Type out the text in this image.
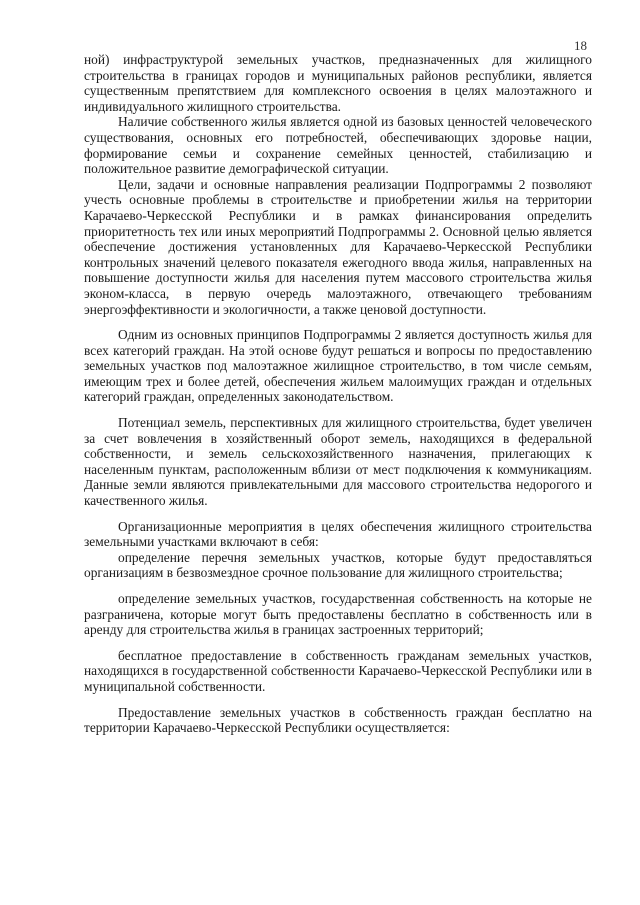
18

ной) инфраструктурой земельных участков, предназначенных для жилищного строительства в границах городов и муниципальных районов республики, является существенным препятствием для комплексного освоения в целях малоэтажного и индивидуального жилищного строительства.

Наличие собственного жилья является одной из базовых ценностей человеческого существования, основных его потребностей, обеспечивающих здоровье нации, формирование семьи и сохранение семейных ценностей, стабилизацию и положительное развитие демографической ситуации.

Цели, задачи и основные направления реализации Подпрограммы 2 позволяют учесть основные проблемы в строительстве и приобретении жилья на территории Карачаево-Черкесской Республики и в рамках финансирования определить приоритетность тех или иных мероприятий Подпрограммы 2. Основной целью является обеспечение достижения установленных для Карачаево-Черкесской Республики контрольных значений целевого показателя ежегодного ввода жилья, направленных на повышение доступности жилья для населения путем массового строительства жилья эконом-класса, в первую очередь малоэтажного, отвечающего требованиям энергоэффективности и экологичности, а также ценовой доступности.

Одним из основных принципов Подпрограммы 2 является доступность жилья для всех категорий граждан. На этой основе будут решаться и вопросы по предоставлению земельных участков под малоэтажное жилищное строительство, в том числе семьям, имеющим трех и более детей, обеспечения жильем малоимущих граждан и отдельных категорий граждан, определенных законодательством.

Потенциал земель, перспективных для жилищного строительства, будет увеличен за счет вовлечения в хозяйственный оборот земель, находящихся в федеральной собственности, и земель сельскохозяйственного назначения, прилегающих к населенным пунктам, расположенным вблизи от мест подключения к коммуникациям. Данные земли являются привлекательными для массового строительства недорогого и качественного жилья.

Организационные мероприятия в целях обеспечения жилищного строительства земельными участками включают в себя:

определение перечня земельных участков, которые будут предоставляться организациям в безвозмездное срочное пользование для жилищного строительства;

определение земельных участков, государственная собственность на которые не разграничена, которые могут быть предоставлены бесплатно в собственность или в аренду для строительства жилья в границах застроенных территорий;

бесплатное предоставление в собственность гражданам земельных участков, находящихся в государственной собственности Карачаево-Черкесской Республики или в муниципальной собственности.

Предоставление земельных участков в собственность граждан бесплатно на территории Карачаево-Черкесской Республики осуществляется:
